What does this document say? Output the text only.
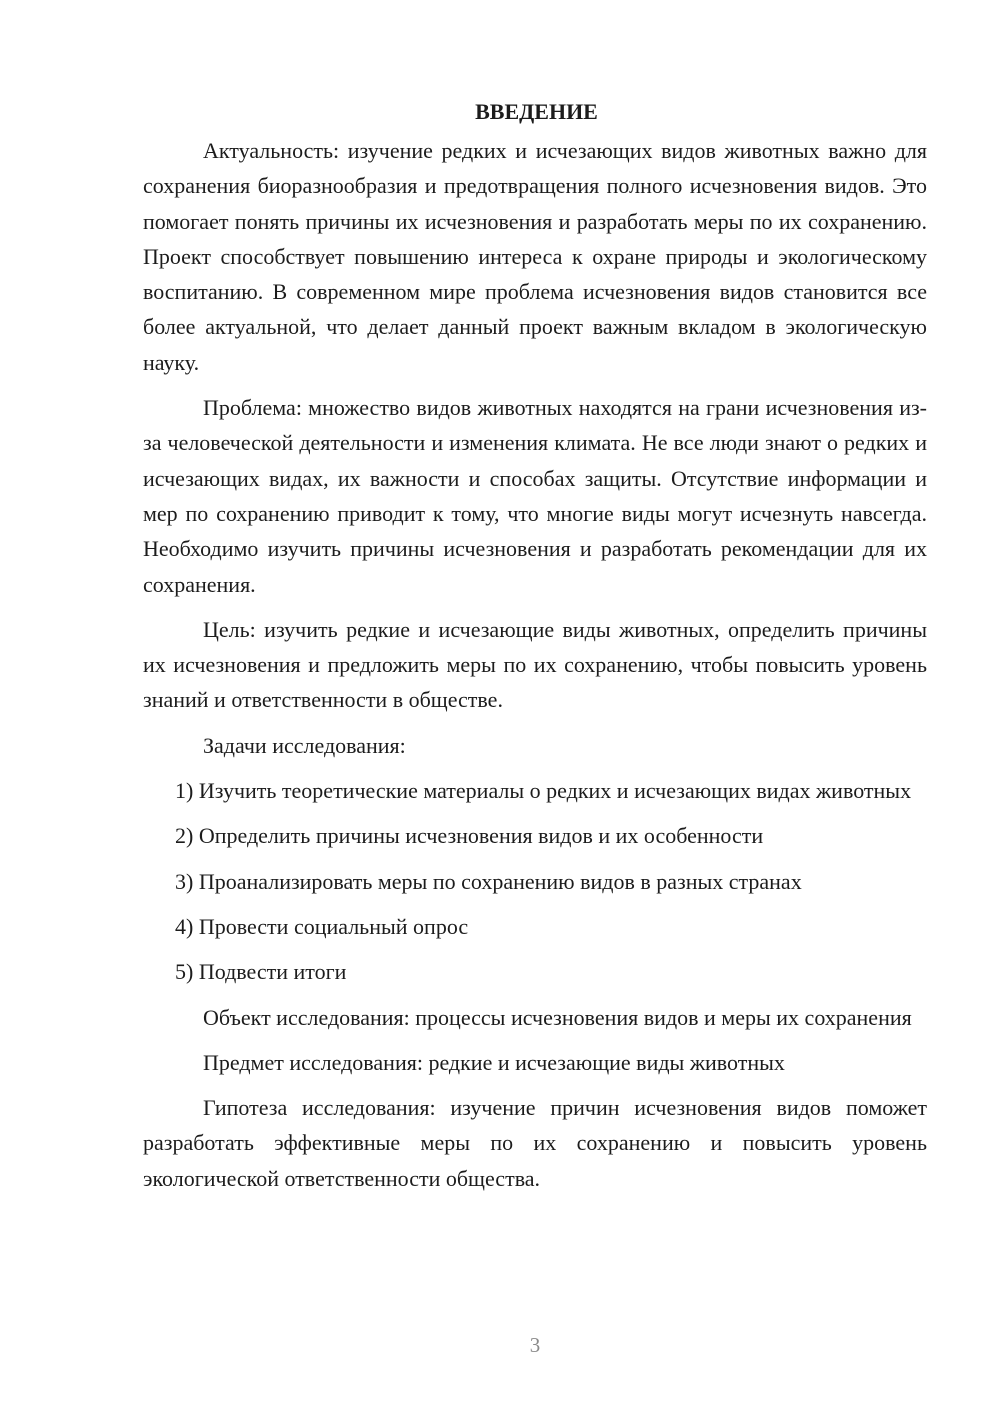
ВВЕДЕНИЕ

Актуальность: изучение редких и исчезающих видов животных важно для сохранения биоразнообразия и предотвращения полного исчезновения видов. Это помогает понять причины их исчезновения и разработать меры по их сохранению. Проект способствует повышению интереса к охране природы и экологическому воспитанию. В современном мире проблема исчезновения видов становится все более актуальной, что делает данный проект важным вкладом в экологическую науку.

Проблема: множество видов животных находятся на грани исчезновения из-за человеческой деятельности и изменения климата. Не все люди знают о редких и исчезающих видах, их важности и способах защиты. Отсутствие информации и мер по сохранению приводит к тому, что многие виды могут исчезнуть навсегда. Необходимо изучить причины исчезновения и разработать рекомендации для их сохранения.

Цель: изучить редкие и исчезающие виды животных, определить причины их исчезновения и предложить меры по их сохранению, чтобы повысить уровень знаний и ответственности в обществе.

Задачи исследования:

1) Изучить теоретические материалы о редких и исчезающих видах животных

2) Определить причины исчезновения видов и их особенности

3) Проанализировать меры по сохранению видов в разных странах

4) Провести социальный опрос

5) Подвести итоги

Объект исследования: процессы исчезновения видов и меры их сохранения

Предмет исследования: редкие и исчезающие виды животных

Гипотеза исследования: изучение причин исчезновения видов поможет разработать эффективные меры по их сохранению и повысить уровень экологической ответственности общества.

3
